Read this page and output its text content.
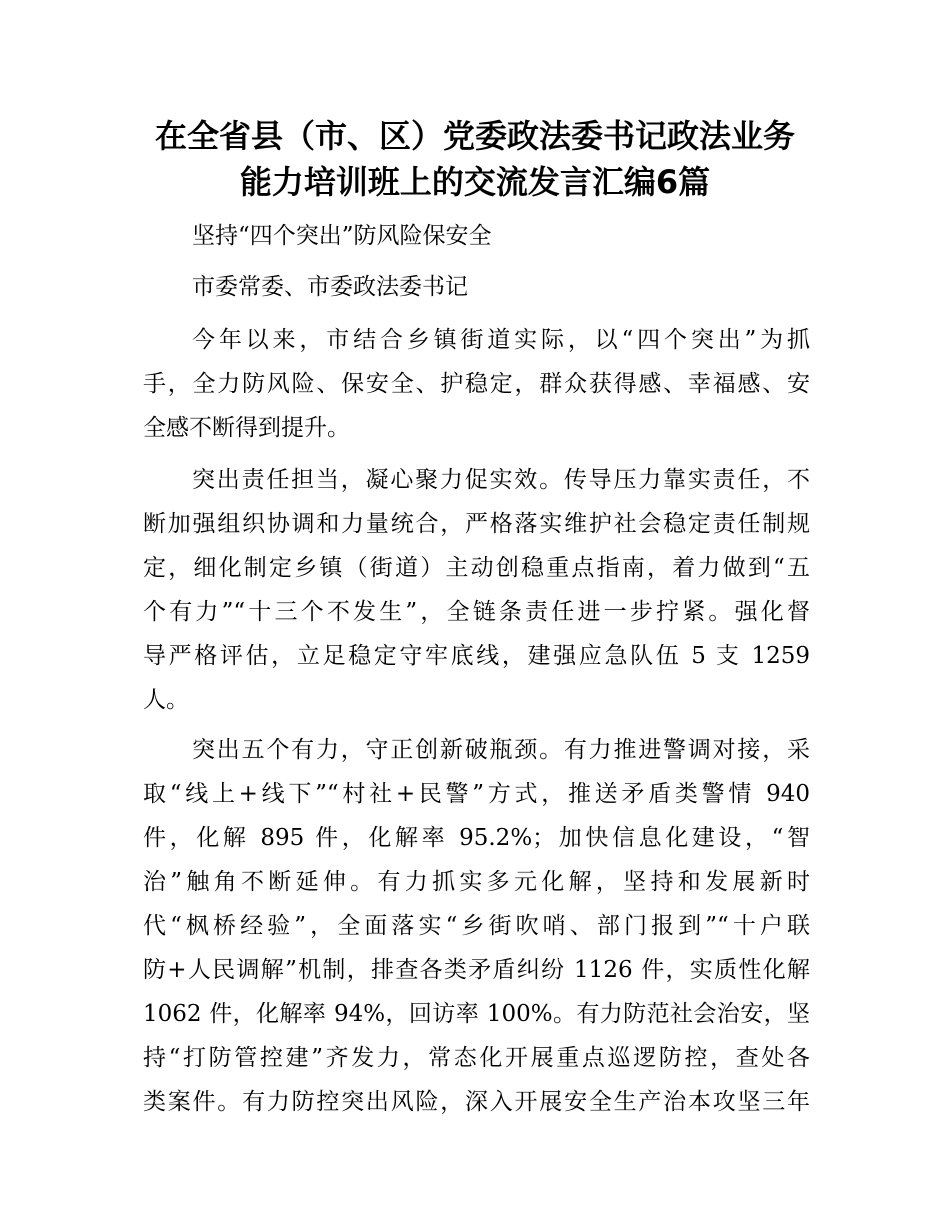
在全省县（市、区）党委政法委书记政法业务
能力培训班上的交流发言汇编6篇

坚持“四个突出”防风险保安全

市委常委、市委政法委书记

今年以来，市结合乡镇街道实际，以“四个突出”为抓

手，全力防风险、保安全、护稳定，群众获得感、幸福感、安

全感不断得到提升。

突出责任担当，凝心聚力促实效。传导压力靠实责任，不

断加强组织协调和力量统合，严格落实维护社会稳定责任制规

定，细化制定乡镇（街道）主动创稳重点指南，着力做到“五

个有力”“十三个不发生”，全链条责任进一步拧紧。强化督

导严格评估，立足稳定守牢底线，建强应急队伍 5 支 1259

人。

突出五个有力，守正创新破瓶颈。有力推进警调对接，采

取“线上+线下”“村社+民警”方式，推送矛盾类警情 940

件，化解 895 件，化解率 95.2%；加快信息化建设，“智

治”触角不断延伸。有力抓实多元化解，坚持和发展新时

代“枫桥经验”，全面落实“乡街吹哨、部门报到”“十户联

防+人民调解”机制，排查各类矛盾纠纷 1126 件，实质性化解

1062 件，化解率 94%，回访率 100%。有力防范社会治安，坚

持“打防管控建”齐发力，常态化开展重点巡逻防控，查处各

类案件。有力防控突出风险，深入开展安全生产治本攻坚三年
